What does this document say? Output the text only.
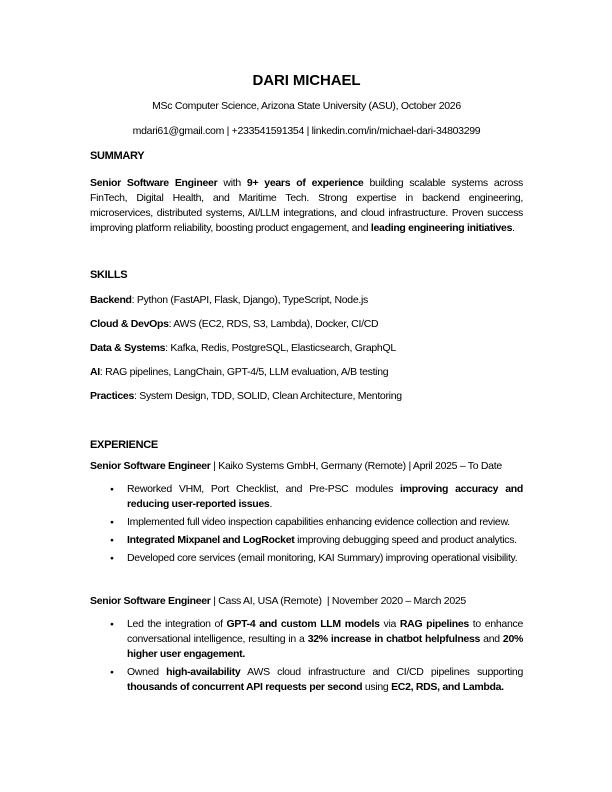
DARI MICHAEL

MSc Computer Science, Arizona State University (ASU), October 2026

mdari61@gmail.com | +233541591354 | linkedin.com/in/michael-dari-34803299

SUMMARY

Senior Software Engineer with 9+ years of experience building scalable systems across FinTech, Digital Health, and Maritime Tech. Strong expertise in backend engineering, microservices, distributed systems, AI/LLM integrations, and cloud infrastructure. Proven success improving platform reliability, boosting product engagement, and leading engineering initiatives.

SKILLS

Backend: Python (FastAPI, Flask, Django), TypeScript, Node.js

Cloud & DevOps: AWS (EC2, RDS, S3, Lambda), Docker, CI/CD

Data & Systems: Kafka, Redis, PostgreSQL, Elasticsearch, GraphQL

AI: RAG pipelines, LangChain, GPT-4/5, LLM evaluation, A/B testing

Practices: System Design, TDD, SOLID, Clean Architecture, Mentoring

EXPERIENCE

Senior Software Engineer | Kaiko Systems GmbH, Germany (Remote) | April 2025 – To Date

● Reworked VHM, Port Checklist, and Pre-PSC modules improving accuracy and reducing user-reported issues.
● Implemented full video inspection capabilities enhancing evidence collection and review.
● Integrated Mixpanel and LogRocket improving debugging speed and product analytics.
● Developed core services (email monitoring, KAI Summary) improving operational visibility.

Senior Software Engineer | Cass AI, USA (Remote)  | November 2020 – March 2025

● Led the integration of GPT-4 and custom LLM models via RAG pipelines to enhance conversational intelligence, resulting in a 32% increase in chatbot helpfulness and 20% higher user engagement.
● Owned high-availability AWS cloud infrastructure and CI/CD pipelines supporting thousands of concurrent API requests per second using EC2, RDS, and Lambda.
